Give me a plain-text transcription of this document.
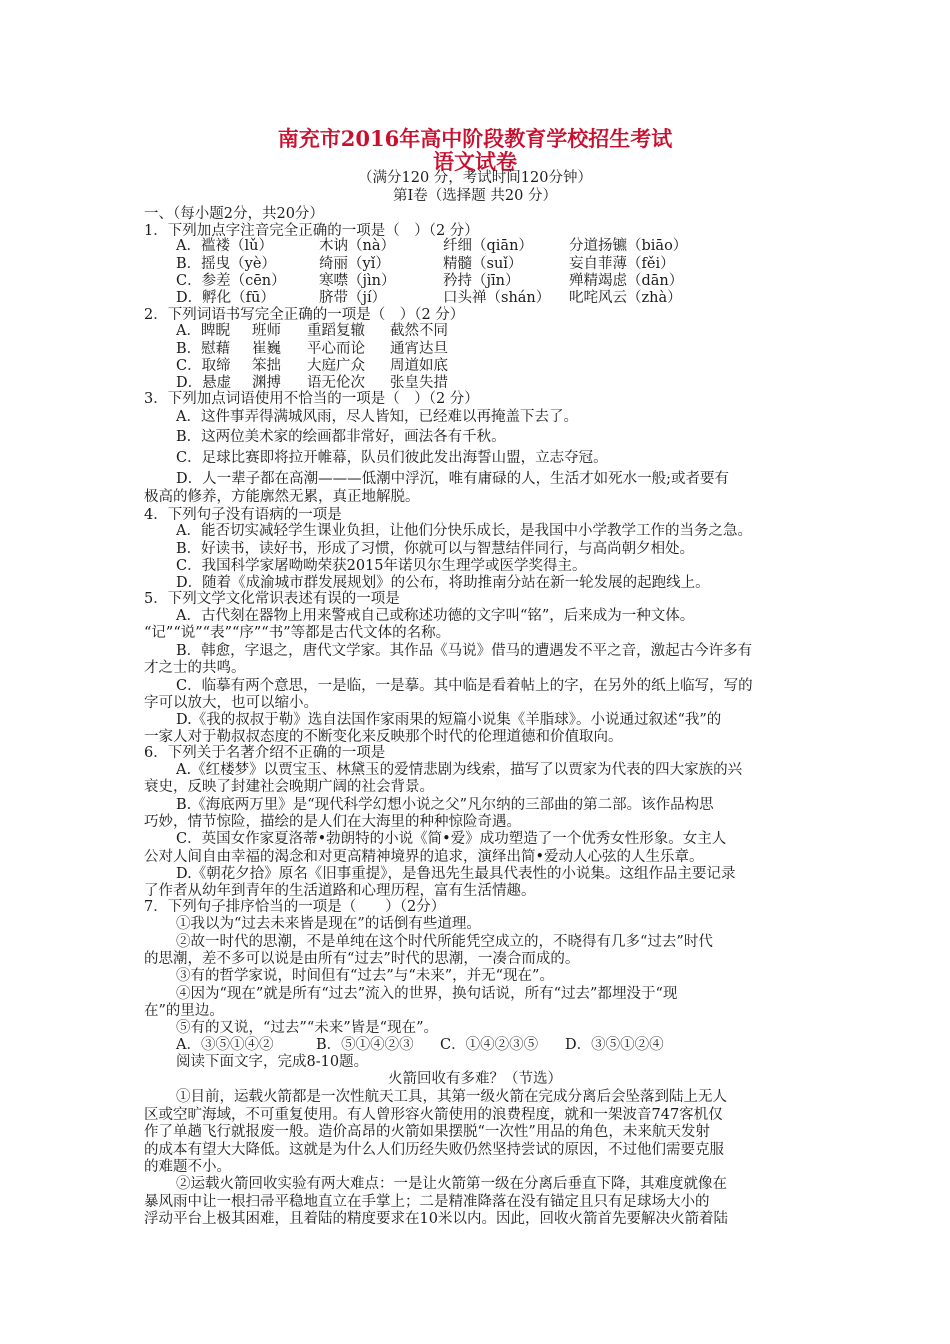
南充市2016年高中阶段教育学校招生考试
语文试卷
（满分120 分，考试时间120分钟）
第Ⅰ卷（选择题 共20 分）
一、（每小题2分，共20分）
1．下列加点字注音完全正确的一项是（　）（2 分）
A．褴褛（lǔ）	木讷（nà）	纤细（qiān） 分道扬镳（biāo）
B．摇曳（yè）	绮丽（yǐ）	精髓（suǐ）	妄自菲薄（fěi）
C．参差（cēn） 寒噤（jìn）	矜持（jīn）	殚精竭虑（dān）
D．孵化（fū）	脐带（jí）	口头禅（shán） 叱咤风云（zhà）
2．下列词语书写完全正确的一项是（　）（2 分）
A．睥睨 班师 重蹈复辙 截然不同
B．慰藉 崔巍 平心而论 通宵达旦
C．取缔 笨拙 大庭广众 周道如底
D．悬虚 渊搏 语无伦次 张皇失措
3．下列加点词语使用不恰当的一项是（　）（2 分）
A．这件事弄得满城风雨，尽人皆知，已经难以再掩盖下去了。
B．这两位美术家的绘画都非常好，画法各有千秋。
C．足球比赛即将拉开帷幕，队员们彼此发出海誓山盟，立志夺冠。
D．人一辈子都在高潮———低潮中浮沉，唯有庸碌的人，生活才如死水一般;或者要有
极高的修养，方能廓然无累，真正地解脱。
4．下列句子没有语病的一项是
A．能否切实减轻学生课业负担，让他们分快乐成长，是我国中小学教学工作的当务之急。
B．好读书，读好书，形成了习惯，你就可以与智慧结伴同行，与高尚朝夕相处。
C．我国科学家屠呦呦荣获2015年诺贝尔生理学或医学奖得主。
D．随着《成渝城市群发展规划》的公布，将助推南分站在新一轮发展的起跑线上。
5．下列文学文化常识表述有误的一项是
A．古代刻在器物上用来警戒自己或称述功德的文字叫“铭”，后来成为一种文体。
“记”“说”“表”“序”“书”等都是古代文体的名称。
B．韩愈，字退之，唐代文学家。其作品《马说》借马的遭遇发不平之音，激起古今许多有
才之士的共鸣。
C．临摹有两个意思，一是临，一是摹。其中临是看着帖上的字，在另外的纸上临写，写的
字可以放大，也可以缩小。
D.《我的叔叔于勒》选自法国作家雨果的短篇小说集《羊脂球》。小说通过叙述“我”的
一家人对于勒叔叔态度的不断变化来反映那个时代的伦理道德和价值取向。
6．下列关于名著介绍不正确的一项是
A.《红楼梦》以贾宝玉、林黛玉的爱情悲剧为线索，描写了以贾家为代表的四大家族的兴
衰史，反映了封建社会晚期广阔的社会背景。
B.《海底两万里》是“现代科学幻想小说之父”凡尔纳的三部曲的第二部。该作品构思
巧妙，情节惊险，描绘的是人们在大海里的种种惊险奇遇。
C．英国女作家夏洛蒂•勃朗特的小说《简•爱》成功塑造了一个优秀女性形象。女主人
公对人间自由幸福的渴念和对更高精神境界的追求，演绎出简•爱动人心弦的人生乐章。
D.《朝花夕拾》原名《旧事重提》，是鲁迅先生最具代表性的小说集。这组作品主要记录
了作者从幼年到青年的生活道路和心理历程，富有生活情趣。
7．下列句子排序恰当的一项是（　　）（2分）
①我以为“过去未来皆是现在”的话倒有些道理。
②故一时代的思潮，不是单纯在这个时代所能凭空成立的，不晓得有几多“过去”时代
的思潮，差不多可以说是由所有“过去”时代的思潮，一凑合而成的。
③有的哲学家说，时间但有“过去”与“未来”，并无“现在”。
④因为“现在”就是所有“过去”流入的世界，换句话说，所有“过去”都埋没于“现
在”的里边。
⑤有的又说，“过去”“未来”皆是“现在”。
A．③⑤①④②	B．⑤①④②③ C．①④②③⑤ D．③⑤①②④
阅读下面文字，完成8-10题。
火箭回收有多难？（节选）
①目前，运载火箭都是一次性航天工具，其第一级火箭在完成分离后会坠落到陆上无人
区或空旷海域，不可重复使用。有人曾形容火箭使用的浪费程度，就和一架波音747客机仅
作了单趟飞行就报废一般。造价高昂的火箭如果摆脱“一次性”用品的角色，未来航天发射
的成本有望大大降低。这就是为什么人们历经失败仍然坚持尝试的原因，不过他们需要克服
的难题不小。
②运载火箭回收实验有两大难点：一是让火箭第一级在分离后垂直下降，其难度就像在
暴风雨中让一根扫帚平稳地直立在手掌上；二是精准降落在没有锚定且只有足球场大小的
浮动平台上极其困难，且着陆的精度要求在10米以内。因此，回收火箭首先要解决火箭着陆
